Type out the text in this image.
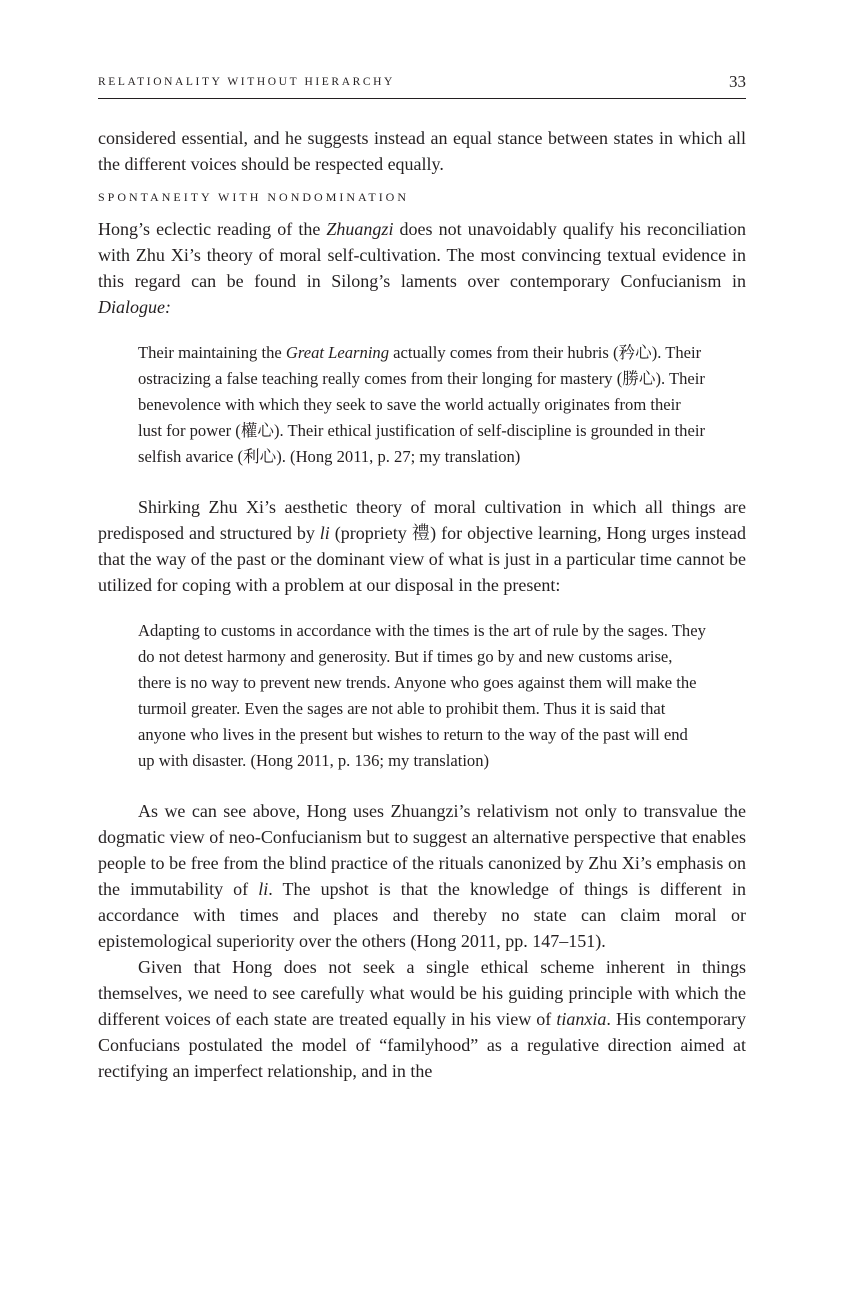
RELATIONALITY WITHOUT HIERARCHY	33

considered essential, and he suggests instead an equal stance between states in which all the different voices should be respected equally.

SPONTANEITY WITH NONDOMINATION

Hong’s eclectic reading of the Zhuangzi does not unavoidably qualify his reconciliation with Zhu Xi’s theory of moral self-cultivation. The most convincing textual evidence in this regard can be found in Silong’s laments over contemporary Confucianism in Dialogue:

Their maintaining the Great Learning actually comes from their hubris (矜心). Their ostracizing a false teaching really comes from their longing for mastery (勝心). Their benevolence with which they seek to save the world actually originates from their lust for power (權心). Their ethical justification of self-discipline is grounded in their selfish avarice (利心). (Hong 2011, p. 27; my translation)

Shirking Zhu Xi’s aesthetic theory of moral cultivation in which all things are predisposed and structured by li (propriety 禮) for objective learning, Hong urges instead that the way of the past or the dominant view of what is just in a particular time cannot be utilized for coping with a problem at our disposal in the present:

Adapting to customs in accordance with the times is the art of rule by the sages. They do not detest harmony and generosity. But if times go by and new customs arise, there is no way to prevent new trends. Anyone who goes against them will make the turmoil greater. Even the sages are not able to prohibit them. Thus it is said that anyone who lives in the present but wishes to return to the way of the past will end up with disaster. (Hong 2011, p. 136; my translation)

As we can see above, Hong uses Zhuangzi’s relativism not only to transvalue the dogmatic view of neo-Confucianism but to suggest an alternative perspective that enables people to be free from the blind practice of the rituals canonized by Zhu Xi’s emphasis on the immutability of li. The upshot is that the knowledge of things is different in accordance with times and places and thereby no state can claim moral or epistemological superiority over the others (Hong 2011, pp. 147–151).

Given that Hong does not seek a single ethical scheme inherent in things themselves, we need to see carefully what would be his guiding principle with which the different voices of each state are treated equally in his view of tianxia. His contemporary Confucians postulated the model of “familyhood” as a regulative direction aimed at rectifying an imperfect relationship, and in the
